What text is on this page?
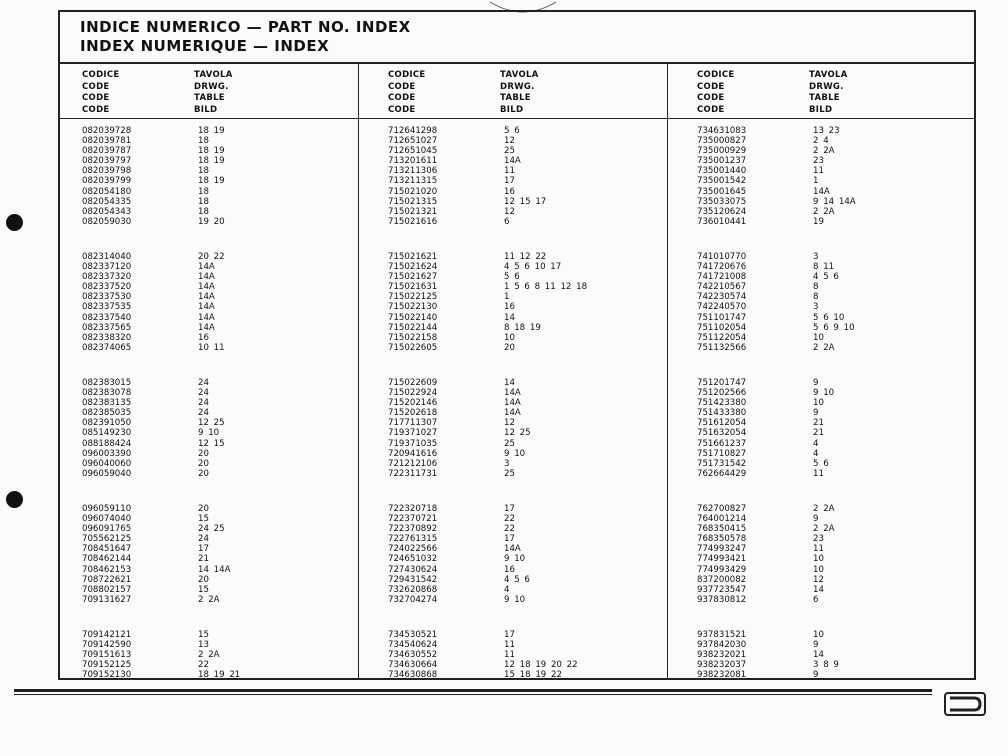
INDICE NUMERICO — PART NO. INDEX
INDEX NUMERIQUE — INDEX
CODICE
CODE
CODE
CODE
TAVOLA
DRWG.
TABLE
BILD
082039728	18 19
082039781	18
082039787	18 19
082039797	18 19
082039798	18
082039799	18 19
082054180	18
082054335	18
082054343	18
082059030	19 20
082314040	20 22
082337120	14A
082337320	14A
082337520	14A
082337530	14A
082337535	14A
082337540	14A
082337565	14A
082338320	16
082374065	10 11
082383015	24
082383078	24
082383135	24
082385035	24
082391050	12 25
085149230	9 10
088188424	12 15
096003390	20
096040060	20
096059040	20
096059110	20
096074040	15
096091765	24 25
705562125	24
708451647	17
708462144	21
708462153	14 14A
708722621	20
708802157	15
709131627	2 2A
709142121	15
709142590	13
709151613	2 2A
709152125	22
709152130	18 19 21
CODICE
CODE
CODE
CODE
TAVOLA
DRWG.
TABLE
BILD
712641298	5 6
712651027	12
712651045	25
713201611	14A
713211306	11
713211315	17
715021020	16
715021315	12 15 17
715021321	12
715021616	6
715021621	11 12 22
715021624	4 5 6 10 17
715021627	5 6
715021631	1 5 6 8 11 12 18
715022125	1
715022130	16
715022140	14
715022144	8 18 19
715022158	10
715022605	20
715022609	14
715022924	14A
715202146	14A
715202618	14A
717711307	12
719371027	12 25
719371035	25
720941616	9 10
721212106	3
722311731	25
722320718	17
722370721	22
722370892	22
722761315	17
724022566	14A
724651032	9 10
727430624	16
729431542	4 5 6
732620868	4
732704274	9 10
734530521	17
734540624	11
734630552	11
734630664	12 18 19 20 22
734630868	15 18 19 22
CODICE
CODE
CODE
CODE
TAVOLA
DRWG.
TABLE
BILD
734631083	13 23
735000827	2 4
735000929	2 2A
735001237	23
735001440	11
735001542	1
735001645	14A
735033075	9 14 14A
735120624	2 2A
736010441	19
741010770	3
741720676	8 11
741721008	4 5 6
742210567	8
742230574	8
742240570	3
751101747	5 6 10
751102054	5 6 9 10
751122054	10
751132566	2 2A
751201747	9
751202566	9 10
751423380	10
751433380	9
751612054	21
751632054	21
751661237	4
751710827	4
751731542	5 6
762664429	11
762700827	2 2A
764001214	9
768350415	2 2A
768350578	23
774993247	11
774993421	10
774993429	10
837200082	12
937723547	14
937830812	6
937831521	10
937842030	9
938232021	14
938232037	3 8 9
938232081	9
